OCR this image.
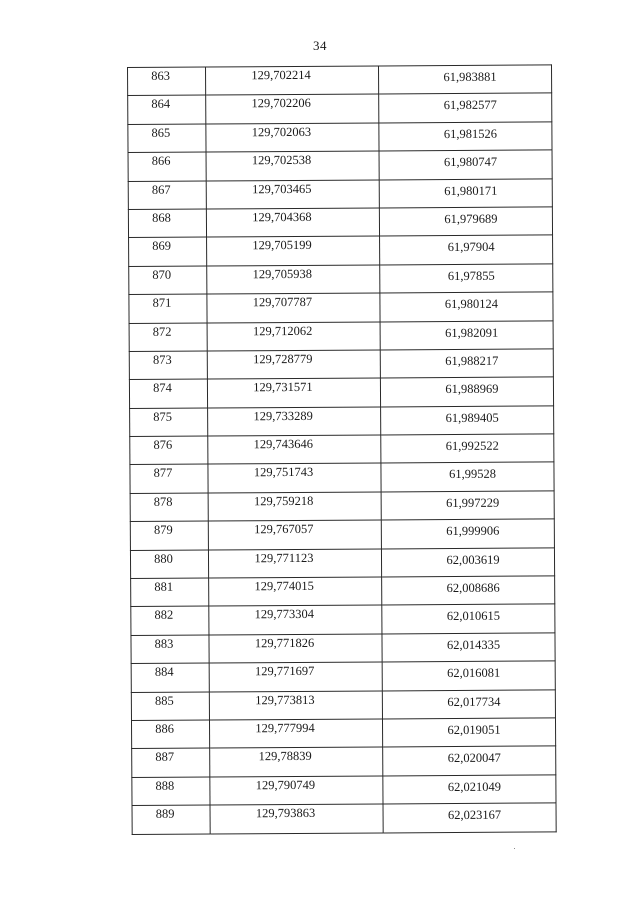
34
863	129,702214	61,983881

864	129,702206	61,982577

865	129,702063	61,981526

866	129,702538	61,980747

867	129,703465	61,980171

868	129,704368	61,979689

869	129,705199	61,97904

870	129,705938	61,97855

871	129,707787	61,980124

872	129,712062	61,982091

873	129,728779	61,988217

874	129,731571	61,988969

875	129,733289	61,989405

876	129,743646	61,992522

877	129,751743	61,99528

878	129,759218	61,997229

879	129,767057	61,999906

880	129,771123	62,003619

881	129,774015	62,008686

882	129,773304	62,010615

883	129,771826	62,014335

884	129,771697	62,016081

885	129,773813	62,017734

886	129,777994	62,019051

887	129,78839	62,020047

888	129,790749	62,021049

889	129,793863	62,023167
